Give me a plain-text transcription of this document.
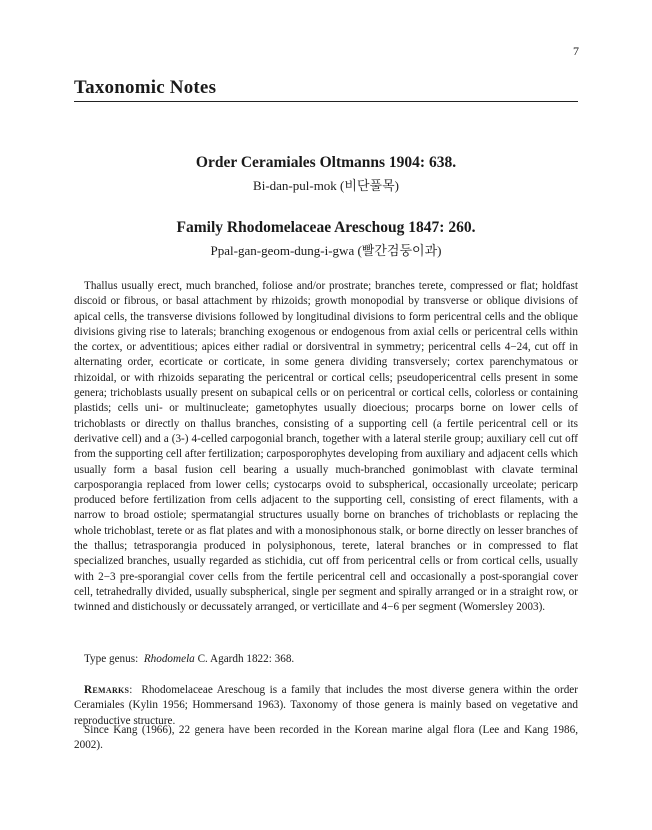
7
Taxonomic Notes
Order Ceramiales Oltmanns 1904: 638.
Bi-dan-pul-mok (비단풀목)
Family Rhodomelaceae Areschoug 1847: 260.
Ppal-gan-geom-dung-i-gwa (빨간검둥이과)

Thallus usually erect, much branched, foliose and/or prostrate; branches terete, compressed or flat; holdfast discoid or fibrous, or basal attachment by rhizoids; growth monopodial by transverse or oblique divisions of apical cells, the transverse divisions followed by longitudinal divisions to form pericentral cells and the oblique divisions giving rise to laterals; branching exogenous or endogenous from axial cells or pericentral cells within the cortex, or adventitious; apices either radial or dorsiventral in symmetry; pericentral cells 4−24, cut off in alternating order, ecorticate or corticate, in some genera dividing transversely; cortex parenchymatous or rhizoidal, or with rhizoids separating the pericentral or cortical cells; pseudopericentral cells present in some genera; trichoblasts usually present on subapical cells or on pericentral or cortical cells, colorless or containing plastids; cells uni- or multinucleate; gametophytes usually dioecious; procarps borne on lower cells of trichoblasts or directly on thallus branches, consisting of a supporting cell (a fertile pericentral cell or its derivative cell) and a (3-) 4-celled carpogonial branch, together with a lateral sterile group; auxiliary cell cut off from the supporting cell after fertilization; carposporophytes developing from auxiliary and adjacent cells which usually form a basal fusion cell bearing a usually much-branched gonimoblast with clavate terminal carposporangia replaced from lower cells; cystocarps ovoid to subspherical, occasionally urceolate; pericarp produced before fertilization from cells adjacent to the supporting cell, consisting of erect filaments, with a narrow to broad ostiole; spermatangial structures usually borne on branches of trichoblasts or replacing the whole trichoblast, terete or as flat plates and with a monosiphonous stalk, or borne directly on lesser branches of the thallus; tetrasporangia produced in polysiphonous, terete, lateral branches or in compressed to flat specialized branches, usually regarded as stichidia, cut off from pericentral cells or from cortical cells, usually with 2−3 pre-sporangial cover cells from the fertile pericentral cell and occasionally a post-sporangial cover cell, tetrahedrally divided, usually subspherical, single per segment and spirally arranged or in a straight row, or twinned and distichously or decussately arranged, or verticillate and 4−6 per segment (Womersley 2003).

Type genus: Rhodomela C. Agardh 1822: 368.

Remarks:  Rhodomelaceae Areschoug is a family that includes the most diverse genera within the order Ceramiales (Kylin 1956; Hommersand 1963). Taxonomy of those genera is mainly based on vegetative and reproductive structure.

Since Kang (1966), 22 genera have been recorded in the Korean marine algal flora (Lee and Kang 1986, 2002).
